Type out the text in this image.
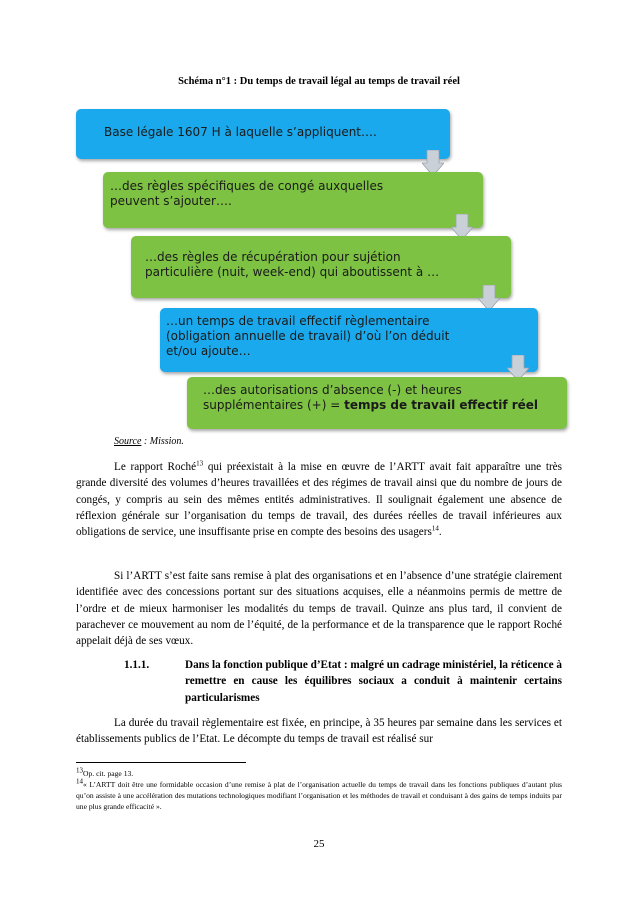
Schéma n°1 : Du temps de travail légal au temps de travail réel
Base légale 1607 H à laquelle s’appliquent….
…des règles spécifiques de congé auxquelles
peuvent s’ajouter….
…des règles de récupération pour sujétion
particulière (nuit, week-end) qui aboutissent à …
…un temps de travail effectif règlementaire
(obligation annuelle de travail) d’où l’on déduit
et/ou ajoute…
…des autorisations d’absence (-) et heures
supplémentaires (+) = temps de travail effectif réel
Source : Mission.
Le rapport Roché$^{13}$ qui préexistait à la mise en œuvre de l’ARTT avait fait apparaître une très grande diversité des volumes d’heures travaillées et des régimes de travail ainsi que du nombre de jours de congés, y compris au sein des mêmes entités administratives. Il soulignait également une absence de réflexion générale sur l’organisation du temps de travail, des durées réelles de travail inférieures aux obligations de service, une insuffisante prise en compte des besoins des usagers$^{14}$.
Si l’ARTT s’est faite sans remise à plat des organisations et en l’absence d’une stratégie clairement identifiée avec des concessions portant sur des situations acquises, elle a néanmoins permis de mettre de l’ordre et de mieux harmoniser les modalités du temps de travail. Quinze ans plus tard, il convient de parachever ce mouvement au nom de l’équité, de la performance et de la transparence que le rapport Roché appelait déjà de ses vœux.
1.1.1.	Dans la fonction publique d’Etat : malgré un cadrage ministériel, la réticence à remettre en cause les équilibres sociaux a conduit à maintenir certains particularismes
La durée du travail règlementaire est fixée, en principe, à 35 heures par semaine dans les services et établissements publics de l’Etat. Le décompte du temps de travail est réalisé sur
$^{13}$Op. cit. page 13.
$^{14}$« L’ARTT doit être une formidable occasion d’une remise à plat de l’organisation actuelle du temps de travail dans les fonctions publiques d’autant plus qu’on assiste à une accélération des mutations technologiques modifiant l’organisation et les méthodes de travail et conduisant à des gains de temps induits par une plus grande efficacité ».
25
